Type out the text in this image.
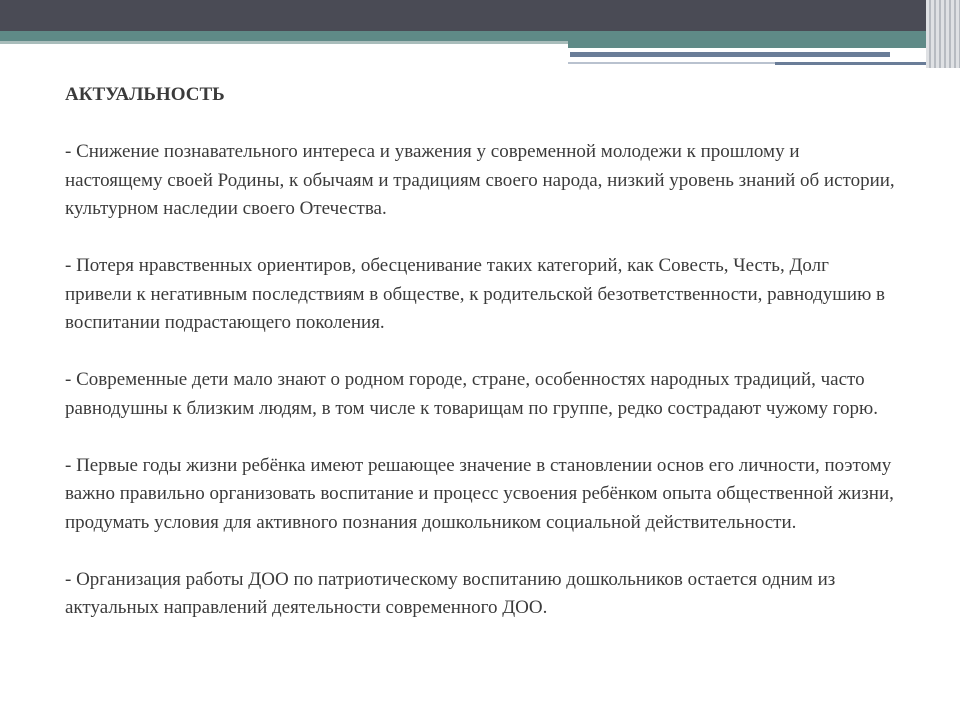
АКТУАЛЬНОСТЬ

- Снижение познавательного интереса и уважения у современной молодежи к прошлому и настоящему своей Родины, к обычаям и традициям своего народа, низкий уровень знаний об истории, культурном наследии своего Отечества.

- Потеря нравственных ориентиров, обесценивание таких категорий, как Совесть, Честь, Долг привели к негативным последствиям в обществе, к родительской безответственности, равнодушию в воспитании подрастающего поколения.

- Современные дети мало знают о родном городе, стране, особенностях народных традиций, часто равнодушны к близким людям, в том числе к товарищам по группе, редко сострадают чужому горю.

- Первые годы жизни ребёнка имеют решающее значение в становлении основ его личности, поэтому важно правильно организовать воспитание и процесс усвоения ребёнком опыта общественной жизни, продумать условия для активного познания дошкольником социальной действительности.

- Организация работы ДОО по патриотическому воспитанию дошкольников остается одним из актуальных направлений деятельности современного ДОО.
